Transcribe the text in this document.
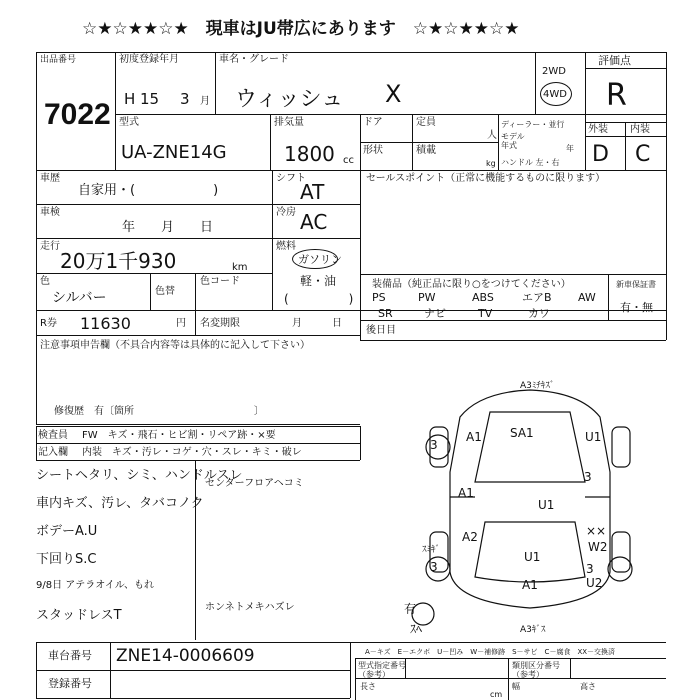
☆★☆★★☆★　現車はJU帯広にあります　☆★☆★★☆★
出品番号
7022
初度登録年月
H 15 3 月
車名・グレード
ウィッシュ X
2WD
4WD
評価点
R
外装 内装
D C
型式
UA-ZNE14G
排気量
1800 cc
ドア	定員
人
形状	積載
kg
ディーラー・並行
モデル年式	年
ハンドル 左・右
車歴
自家用・(　　　　　　)
シフト
AT
車検
年　　月　　日
冷房 AC
走行
20万1千930	km
燃料
ガソリン
軽・油
(　　　　　)
色
シルバー
色コード
色替
R券 11630	円 名変期限	月　　　日
セールスポイント（正常に機能するものに限ります）
装備品（純正品に限り○をつけてください）	新車保証書
有・無
後日目
PS	PW	ABS	エアB AW
SR	ナビ	TV	カワ
注意事項申告欄（不具合内容等は具体的に記入して下さい）
修復歴　有〔箇所　　　　　　　　　　　　〕
検査員
記入欄
FW　キズ・飛石・ヒビ割・リペア跡・×要
内装　キズ・汚レ・コゲ・穴・スレ・キミ・破レ
シートヘタリ、シミ、ハンドルスレ
車内キズ、汚レ、タバコノク
ボデーA.U
下回りS.C
9/8日 アテラオイル、もれ
スタッドレスT
センターフロアヘコミ
ホンネトメキハズレ
A3ﾐﾁｷｽﾞ
SA1
A1
U1
3
3
A1
U1
A2
U1
3
W2
A1	U2
3
有
A3ｷﾞｽ
ｽﾐｷﾞ
××
ｽﾍ
車台番号 ZNE14-0006609
登録番号
A－キズ　E－エクボ　U－凹み　W－補修跡　S－サビ　C－腐食　XX－交換済
型式指定番号（参考）
類別区分番号（参考）
長さ
cm
幅	高さ
